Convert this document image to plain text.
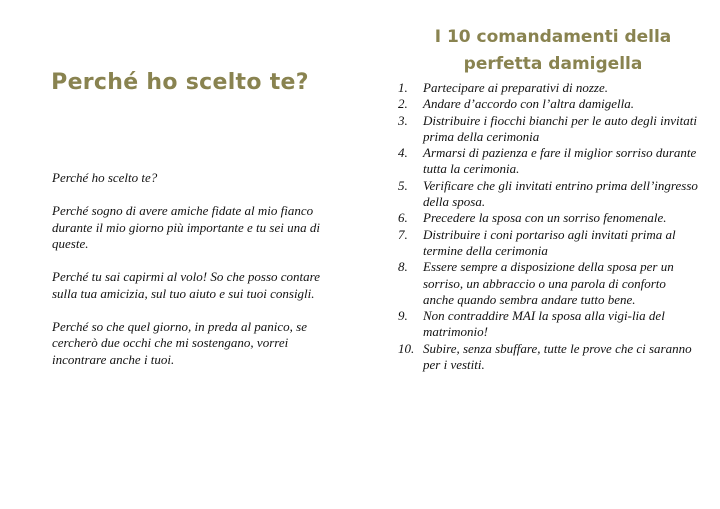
Perché ho scelto te?

Perché ho scelto te?

Perché sogno di avere amiche fidate al mio fianco durante il mio giorno più importante e tu sei una di queste.

Perché tu sai capirmi al volo! So che posso contare sulla tua amicizia, sul tuo aiuto e sui tuoi consigli.

Perché so che quel giorno, in preda al panico, se cercherò due occhi che mi sostengano, vorrei incontrare anche i tuoi.

I 10 comandamenti della perfetta damigella
1.	Partecipare ai preparativi di nozze.
2.	Andare d’accordo con l’altra damigella.
3.	Distribuire i fiocchi bianchi per le auto degli invitati prima della cerimonia
4.	Armarsi di pazienza e fare il miglior sorriso durante tutta la cerimonia.
5.	Verificare che gli invitati entrino prima dell’ingresso della sposa.
6.	Precedere la sposa con un sorriso fenomenale.
7.	Distribuire i coni portariso agli invitati prima al termine della cerimonia
8.	Essere sempre a disposizione della sposa per un sorriso, un abbraccio o una parola di conforto anche quando sembra andare tutto bene.
9.	Non contraddire MAI la sposa alla vigi-lia del matrimonio!
10. Subire, senza sbuffare, tutte le prove che ci saranno per i vestiti.
